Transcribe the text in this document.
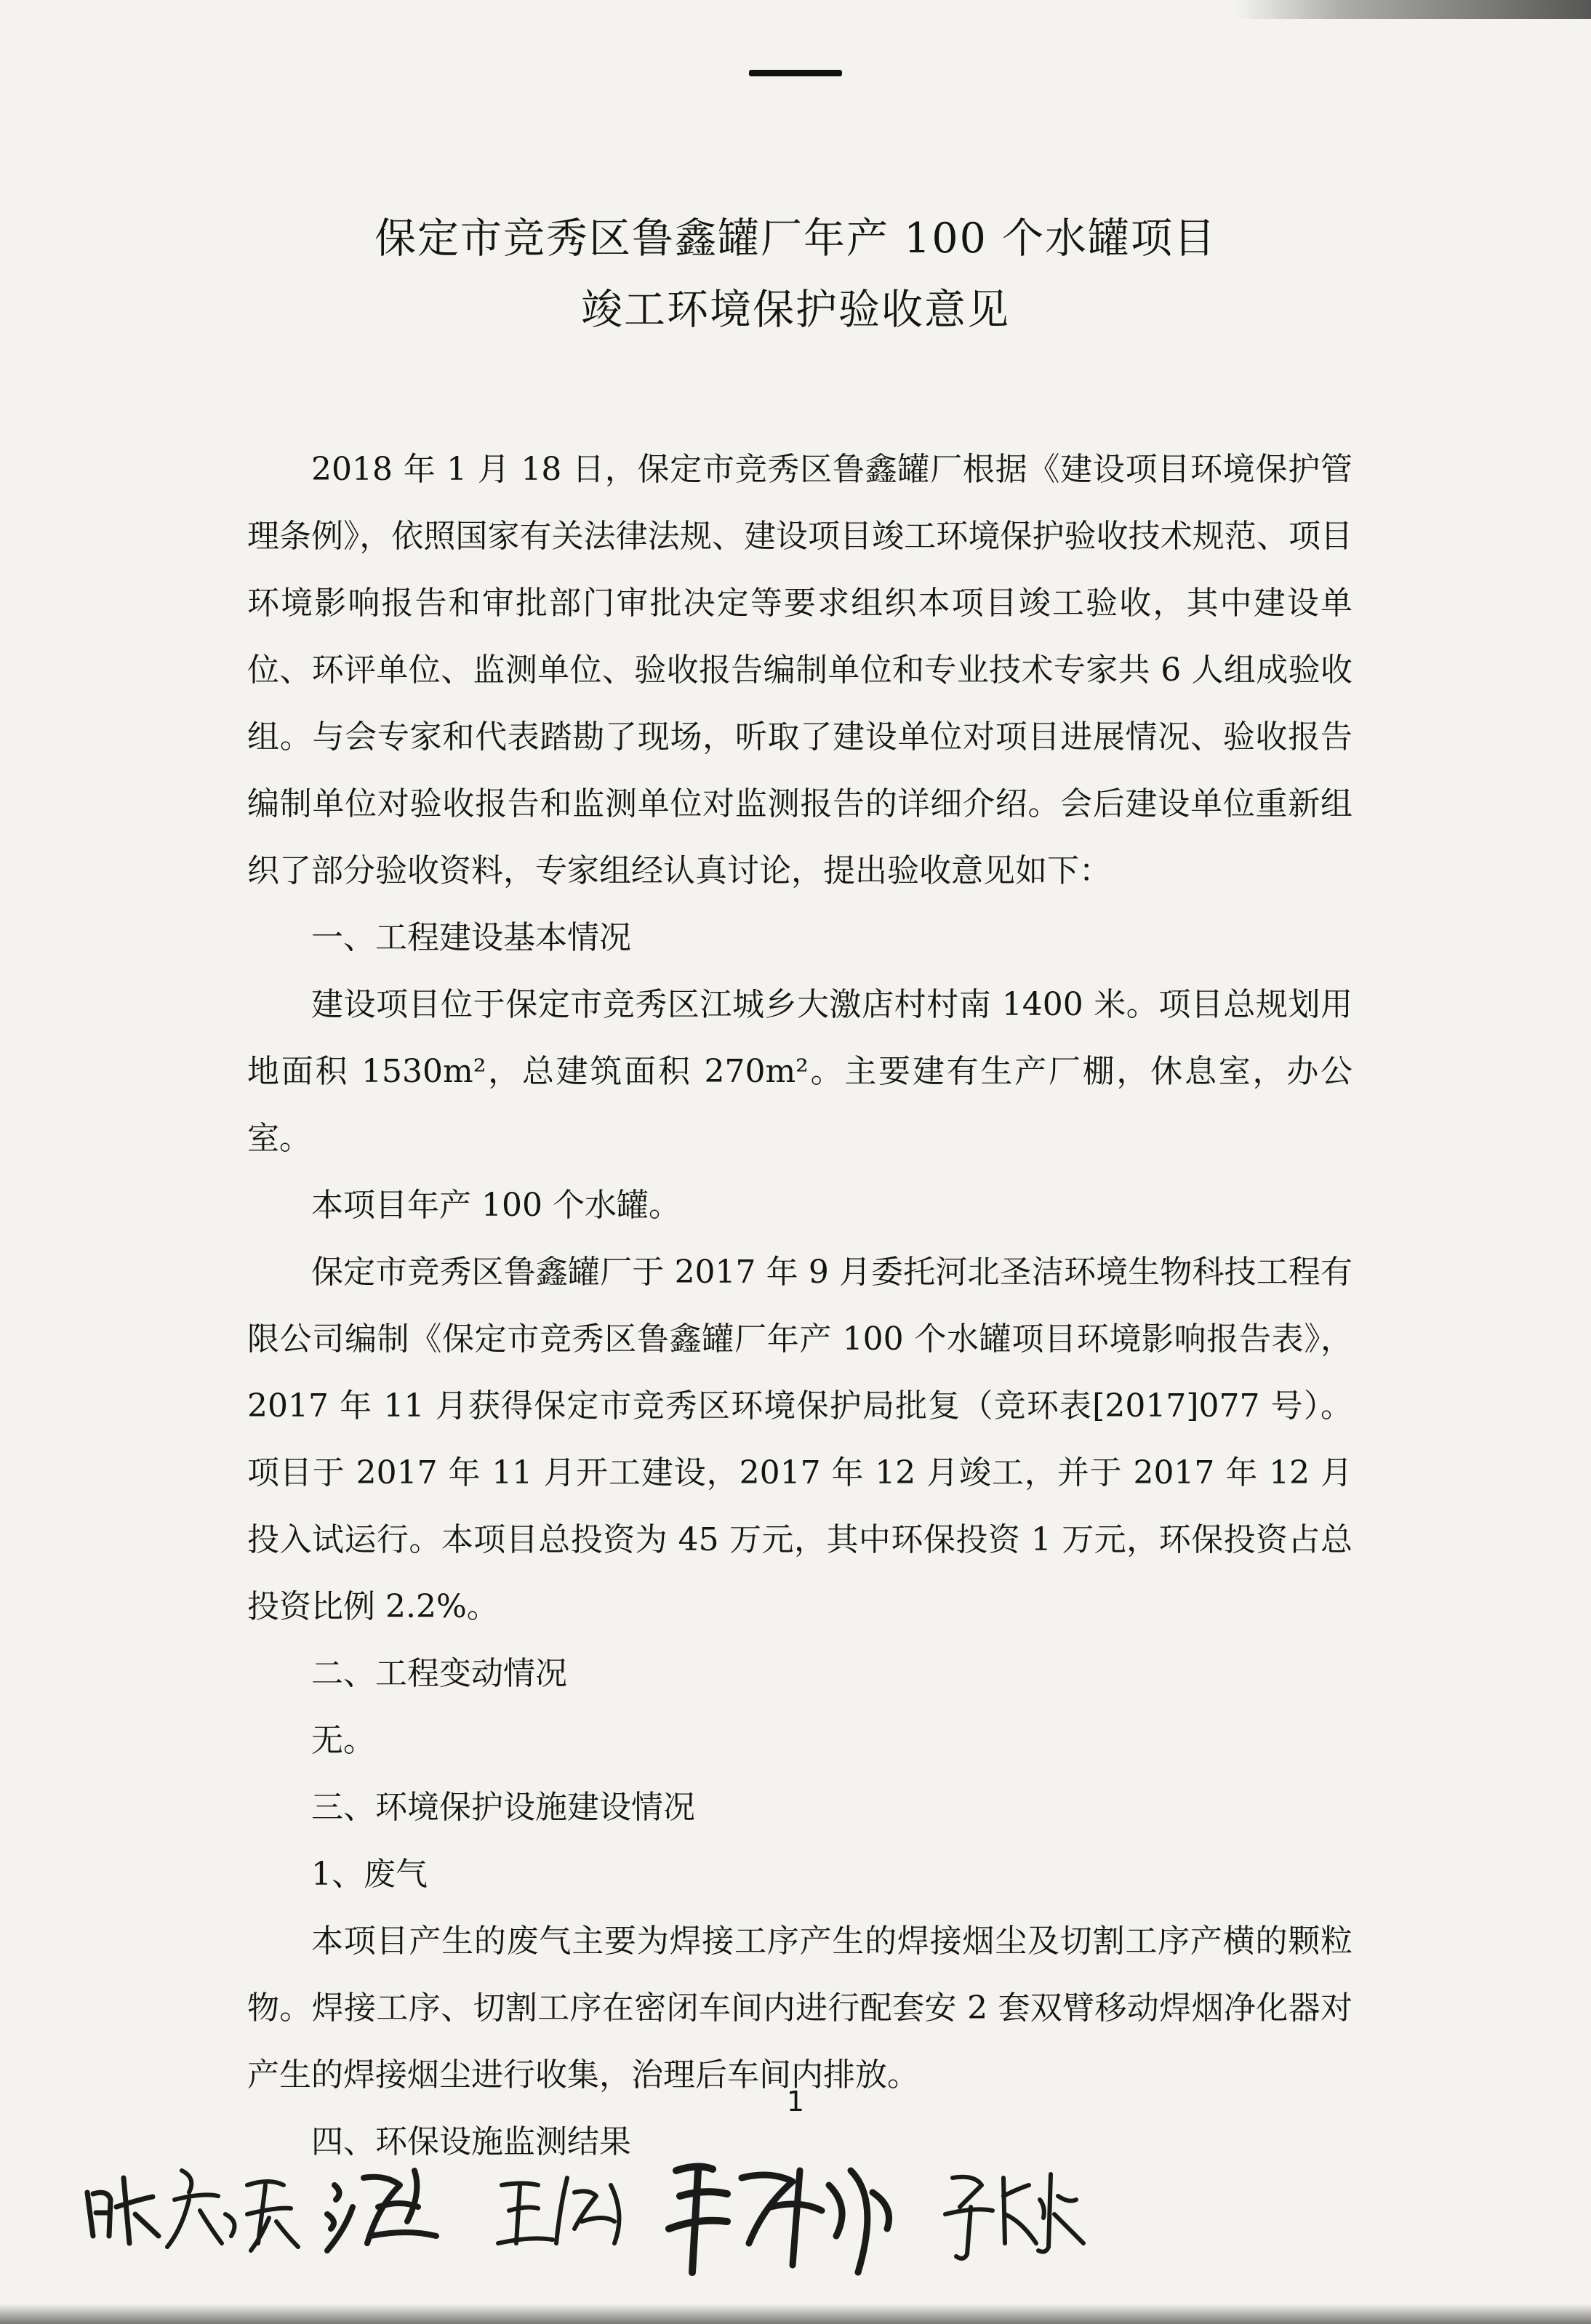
保定市竞秀区鲁鑫罐厂年产 100 个水罐项目
竣工环境保护验收意见

2018 年 1 月 18 日，保定市竞秀区鲁鑫罐厂根据《建设项目环境保护管理条例》，依照国家有关法律法规、建设项目竣工环境保护验收技术规范、项目环境影响报告和审批部门审批决定等要求组织本项目竣工验收，其中建设单位、环评单位、监测单位、验收报告编制单位和专业技术专家共 6 人组成验收组。与会专家和代表踏勘了现场，听取了建设单位对项目进展情况、验收报告编制单位对验收报告和监测单位对监测报告的详细介绍。会后建设单位重新组织了部分验收资料，专家组经认真讨论，提出验收意见如下：

一、工程建设基本情况

建设项目位于保定市竞秀区江城乡大激店村村南 1400 米。项目总规划用地面积 1530m²，总建筑面积 270m²。主要建有生产厂棚，休息室，办公室。

本项目年产 100 个水罐。

保定市竞秀区鲁鑫罐厂于 2017 年 9 月委托河北圣洁环境生物科技工程有限公司编制《保定市竞秀区鲁鑫罐厂年产 100 个水罐项目环境影响报告表》，2017 年 11 月获得保定市竞秀区环境保护局批复（竞环表[2017]077 号）。项目于 2017 年 11 月开工建设，2017 年 12 月竣工，并于 2017 年 12 月投入试运行。本项目总投资为 45 万元，其中环保投资 1 万元，环保投资占总投资比例 2.2%。

二、工程变动情况

无。

三、环境保护设施建设情况

1、废气

本项目产生的废气主要为焊接工序产生的焊接烟尘及切割工序产横的颗粒物。焊接工序、切割工序在密闭车间内进行配套安 2 套双臂移动焊烟净化器对产生的焊接烟尘进行收集，治理后车间内排放。

四、环保设施监测结果

1
